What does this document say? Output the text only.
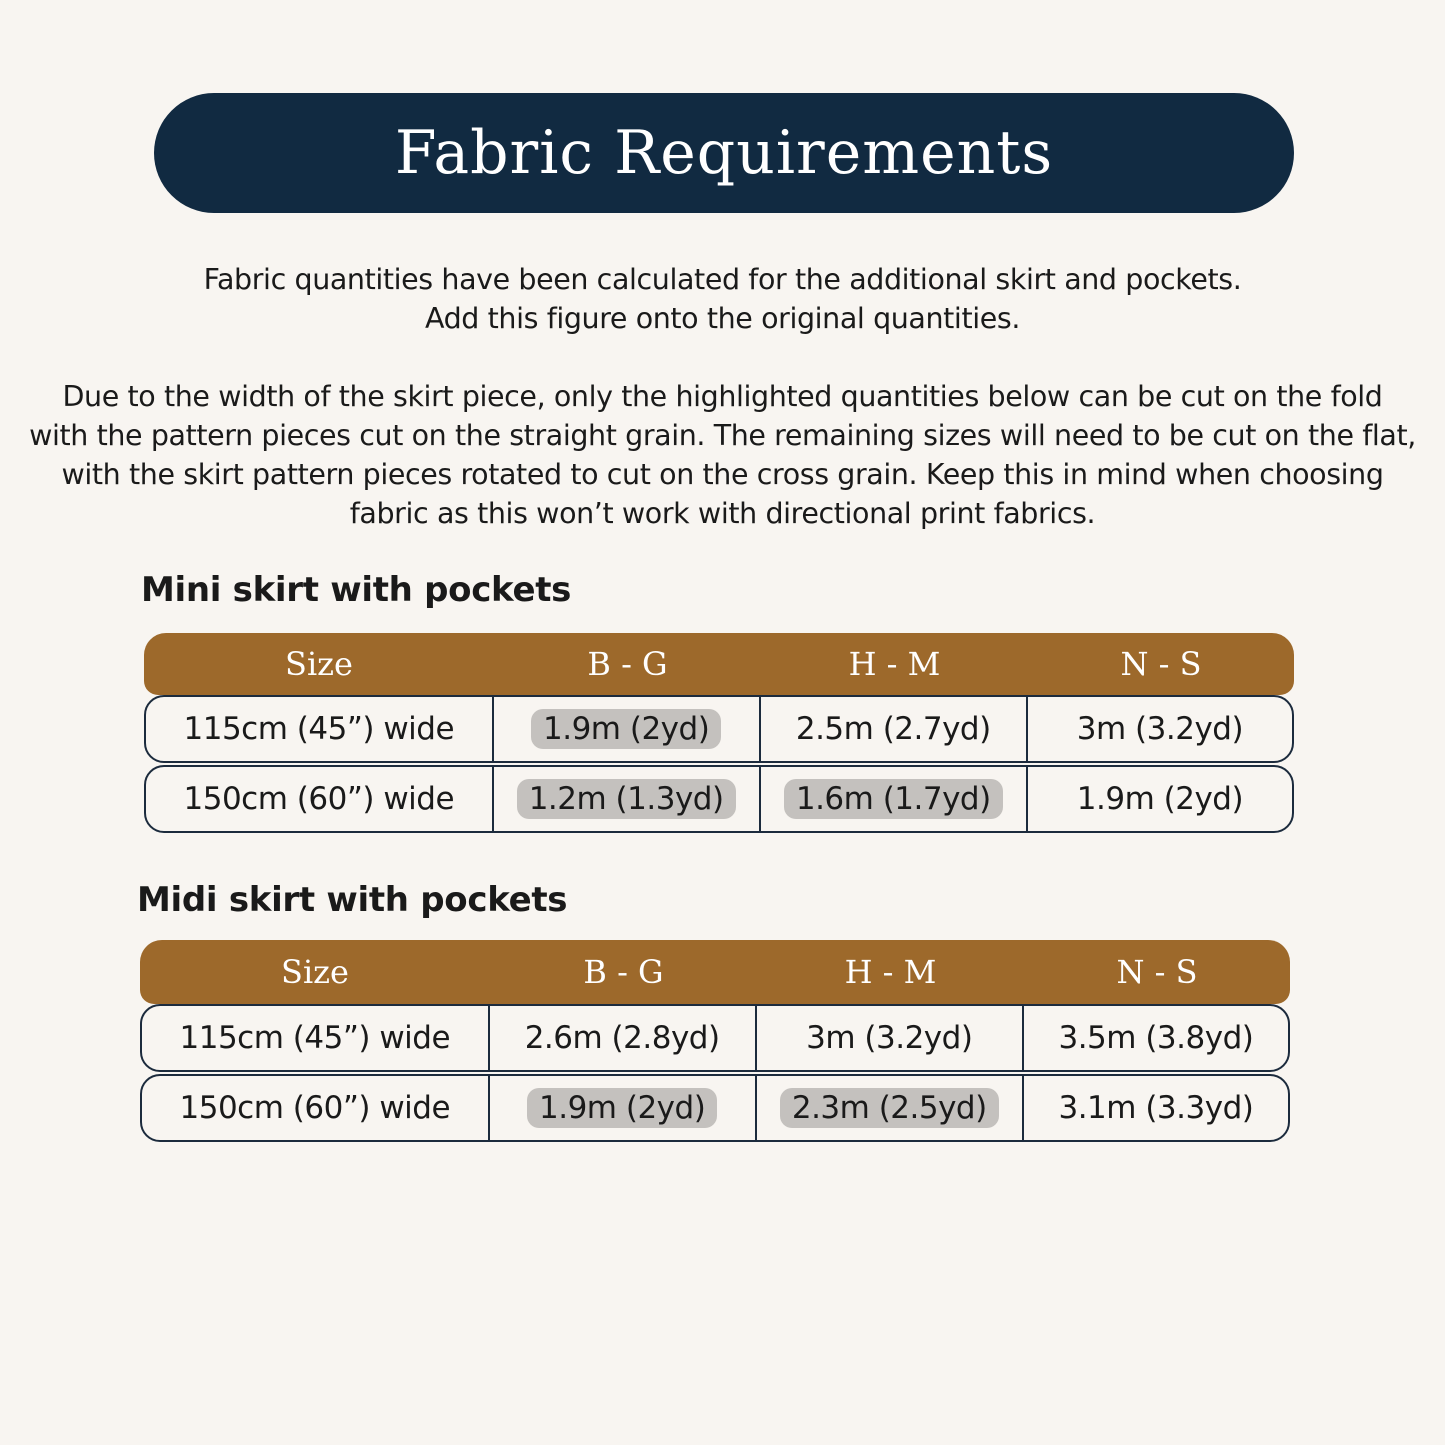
Fabric Requirements

Fabric quantities have been calculated for the additional skirt and pockets.

Add this figure onto the original quantities.

Due to the width of the skirt piece, only the highlighted quantities below can be cut on the fold

with the pattern pieces cut on the straight grain. The remaining sizes will need to be cut on the flat,

with the skirt pattern pieces rotated to cut on the cross grain. Keep this in mind when choosing

fabric as this won’t work with directional print fabrics.

Mini skirt with pockets
Size	B - G	H - M	N - S
115cm (45”) wide	1.9m (2yd)	2.5m (2.7yd)	3m (3.2yd)
150cm (60”) wide	1.2m (1.3yd)	1.6m (1.7yd)	1.9m (2yd)
Midi skirt with pockets
Size	B - G	H - M	N - S
115cm (45”) wide	2.6m (2.8yd)	3m (3.2yd)	3.5m (3.8yd)
150cm (60”) wide	1.9m (2yd)	2.3m (2.5yd)	3.1m (3.3yd)
